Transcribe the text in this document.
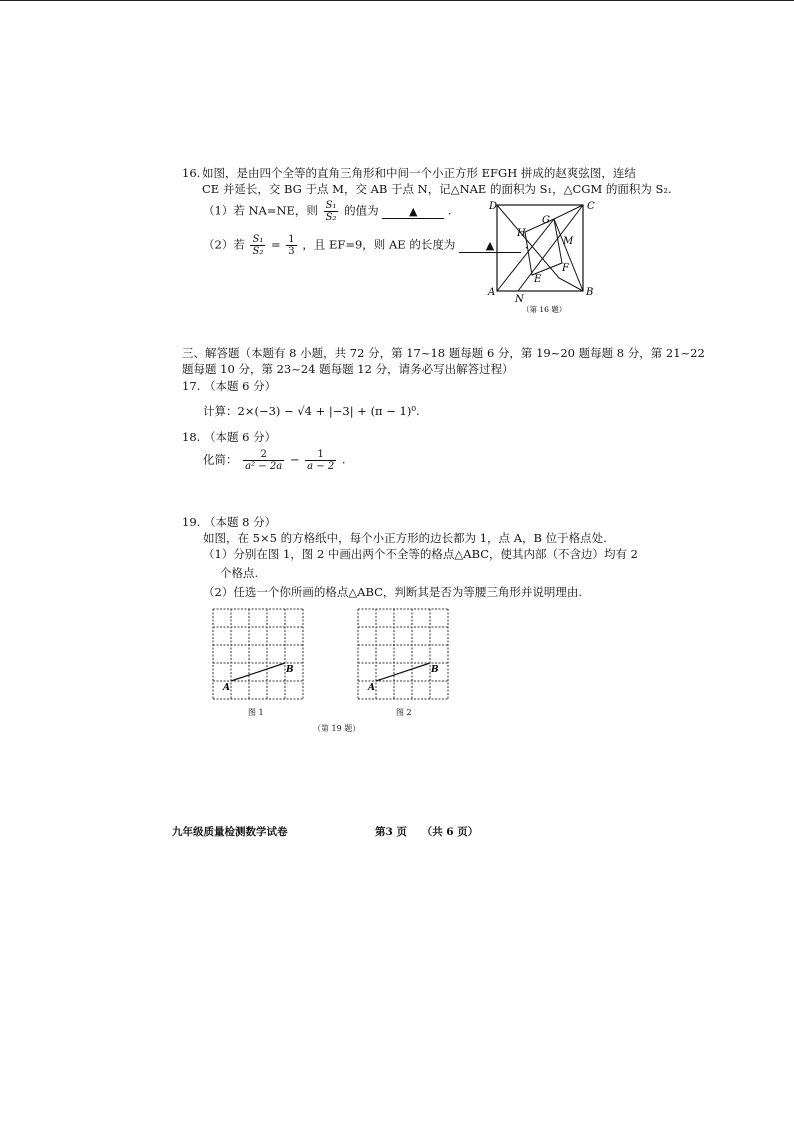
16. 如图，是由四个全等的直角三角形和中间一个小正方形 EFGH 拼成的赵爽弦图，连结
CE 并延长，交 BG 于点 M，交 AB 于点 N，记△NAE 的面积为 S₁，△CGM 的面积为 S₂.
（1）若 NA=NE，则 $\frac{\text{S₁}}{\text{S₂}}$ 的值为	▲	.
（2）若 $\frac{\text{S₁}}{\text{S₂}} = \frac{1}{3}$ ，且 EF=9，则 AE 的长度为	▲	.
D	C
A	B
G
H
M
F
E
N
（第 16 题）
三、解答题（本题有 8 小题，共 72 分，第 17~18 题每题 6 分，第 19~20 题每题 8 分，第 21~22
题每题 10 分，第 23~24 题每题 12 分，请务必写出解答过程）
17. （本题 6 分）
计算：2×(−3) − √4 + |−3| + (π − 1)⁰.
18. （本题 6 分）
化简： $\frac{2}{\text{a² − 2a}} - \frac{1}{a - 2}$ .
19. （本题 8 分）
如图，在 5×5 的方格纸中，每个小正方形的边长都为 1，点 A，B 位于格点处.
（1）分别在图 1，图 2 中画出两个不全等的格点△ABC，使其内部（不含边）均有 2
个格点.
（2）任选一个你所画的格点△ABC，判断其是否为等腰三角形并说明理由.
A
B
图 1
A
B
图 2
（第 19 题）
九年级质量检测数学试卷	第3 页    （共 6 页）
